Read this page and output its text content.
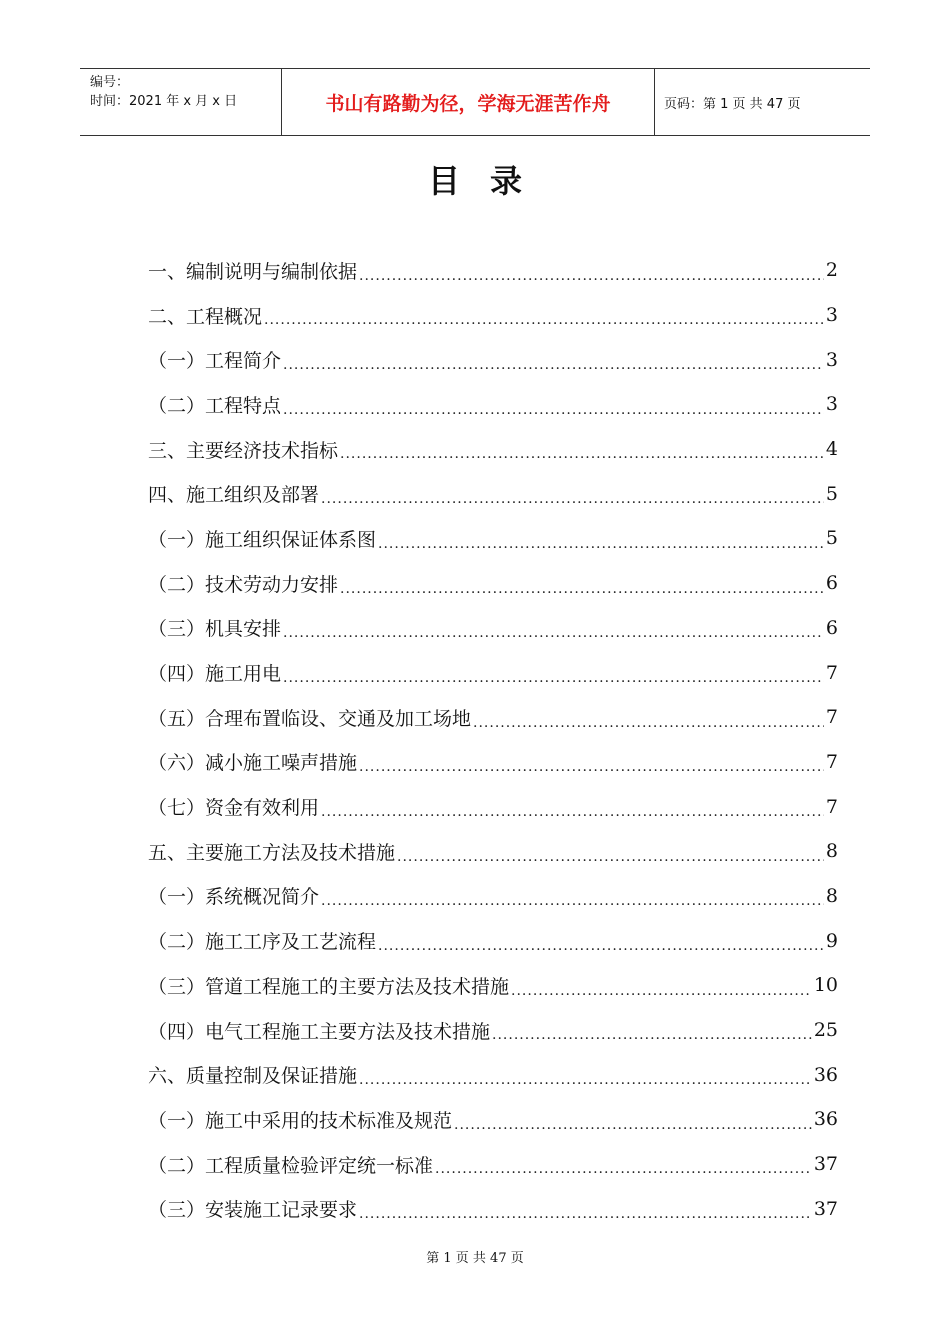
编号：
时间：2021 年 x 月 x 日	书山有路勤为径，学海无涯苦作舟	页码：第 1 页 共 47 页
目录
一、编制说明与编制依据 .....	2
二、工程概况 .....	3
（一）工程简介 .....	3
（二）工程特点 .....	3
三、主要经济技术指标 .....	4
四、施工组织及部署 .....	5
（一）施工组织保证体系图 .....	5
（二）技术劳动力安排 .....	6
（三）机具安排 .....	6
（四）施工用电 .....	7
（五）合理布置临设、交通及加工场地 .....	7
（六）减小施工噪声措施 .....	7
（七）资金有效利用 .....	7
五、主要施工方法及技术措施 .....	8
（一）系统概况简介 .....	8
（二）施工工序及工艺流程 .....	9
（三）管道工程施工的主要方法及技术措施 .....	10
（四）电气工程施工主要方法及技术措施 .....	25
六、质量控制及保证措施 .....	36
（一）施工中采用的技术标准及规范 .....	36
（二）工程质量检验评定统一标准 .....	37
（三）安装施工记录要求 .....	37
第 1 页 共 47 页
